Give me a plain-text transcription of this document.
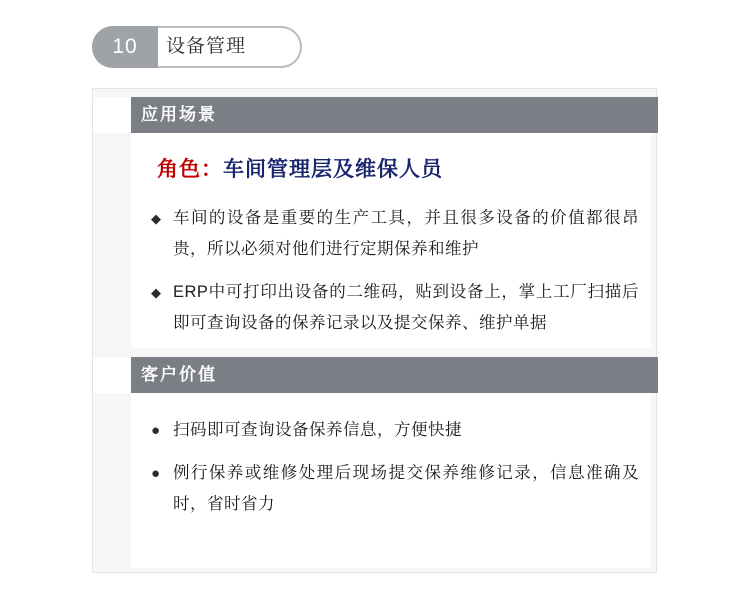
10	设备管理
应用场景
角色：车间管理层及维保人员
◆ 车间的设备是重要的生产工具，并且很多设备的价值都很昂贵，所以必须对他们进行定期保养和维护
◆ ERP中可打印出设备的二维码，贴到设备上，掌上工厂扫描后即可查询设备的保养记录以及提交保养、维护单据
客户价值
● 扫码即可查询设备保养信息，方便快捷
● 例行保养或维修处理后现场提交保养维修记录，信息准确及时，省时省力
